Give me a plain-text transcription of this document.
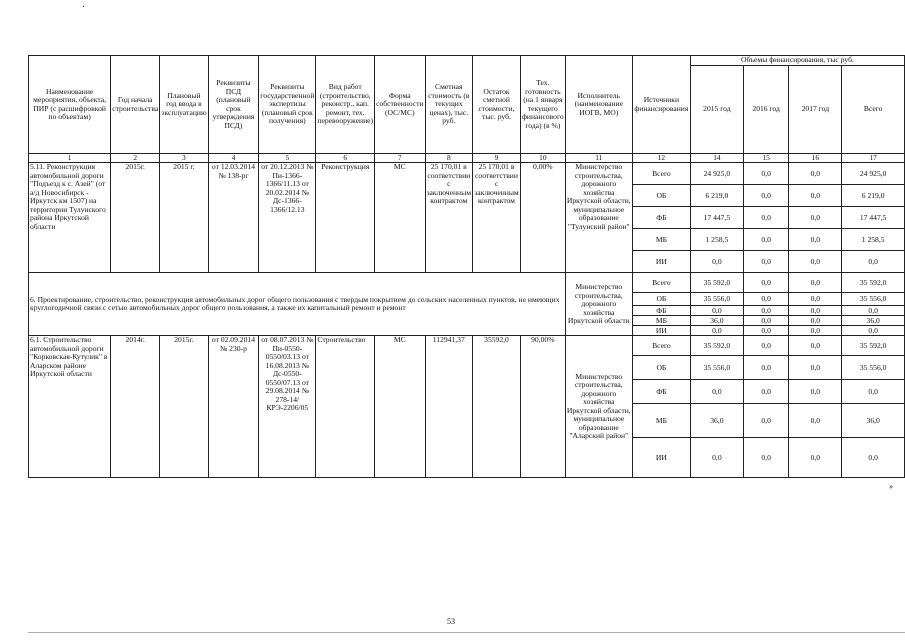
·
Наименование мероприятия, объекта, ПИР (с расшифровкой по объектам)	Год начала строительства	Плановый год ввода в эксплуатацию	Реквизиты ПСД (плановый срок утверждения ПСД)	Реквизиты государственной экспертизы (плановый срок получения)	Вид работ (строительство, реконстр., кап. ремонт, тех. перевооружение)	Форма собственности (ОС/МС)	Сметная стоимость (в текущих ценах), тыс. руб.	Остаток сметной стоимости, тыс. руб.	Тех. готовность (на 1 января текущего финансового года) (в %)	Исполнитель (наименование ИОГВ, МО)	Источники финансирования	Объемы финансирования, тыс руб.			
												2015 год	2016 год	2017 год	Всего
1	2	3	4	5	6	7	8	9	10	11	12	14	15	16	17
5.11. Реконструкция автомобильной дороги "Подъезд к с. Азей" (от а/д Новосибирск - Иркутск км 1507) на территории Тулунского района Иркутской области	2015г.	2015 г.	от 12.03.2014 № 138-рг	от 20.12.2013 № Пи-1366-1366/11.13 от 20.02.2014 № Дс-1366-1366/12.13	Реконструкция	МС	25 170,01 в соответствии с заключенным контрактом	25 170,01 в соответствии с заключенным контрактом	0,00%	Министерство строительства, дорожного хозяйства Иркутской области, муниципальное образование "Тулунский район"	Всего	24 925,0	0,0	0,0	24 925,0
											ОБ	6 219,0	0,0	0,0	6 219,0
											ФБ	17 447,5	0,0	0,0	17 447,5
											МБ	1 258,5	0,0	0,0	1 258,5
											ИИ	0,0	0,0	0,0	0,0
6. Проектирование, строительство, реконструкция автомобильных дорог общего пользования с твердым покрытием до сельских населенных пунктов, не имеющих круглогодичной связи с сетью автомобильных дорог общего пользования, а также их капитальный ремонт и ремонт										Министерство строительства, дорожного хозяйства Иркутской области	Всего	35 592,0	0,0	0,0	35 592,0
											ОБ	35 556,0	0,0	0,0	35 556,0
											ФБ	0,0	0,0	0,0	0,0
											МБ	36,0	0,0	0,0	36,0
											ИИ	0,0	0,0	0,0	0,0
6.1. Строительство автомобильной дороги "Корковская-Кутулик" в Аларском районе Иркутской области	2014г.	2015г.	от 02.09.2014 № 230-р	от 08.07.2013 № Пи-0550-0550/03.13 от 16.08.2013 № Дс-0550-0550/07.13 от 29.08.2014 № 278-14/КРЭ-2206/05	Строительство	МС	112941,37	35592,0	90,00%	Министерство строительства, дорожного хозяйства Иркутской области, муниципальное образование "Аларский район"	Всего	35 592,0	0,0	0,0	35 592,0
											ОБ	35 556,0	0,0	0,0	35 556,0
											ФБ	0,0	0,0	0,0	0,0
											МБ	36,0	0,0	0,0	36,0
											ИИ	0,0	0,0	0,0	0,0
»
53
